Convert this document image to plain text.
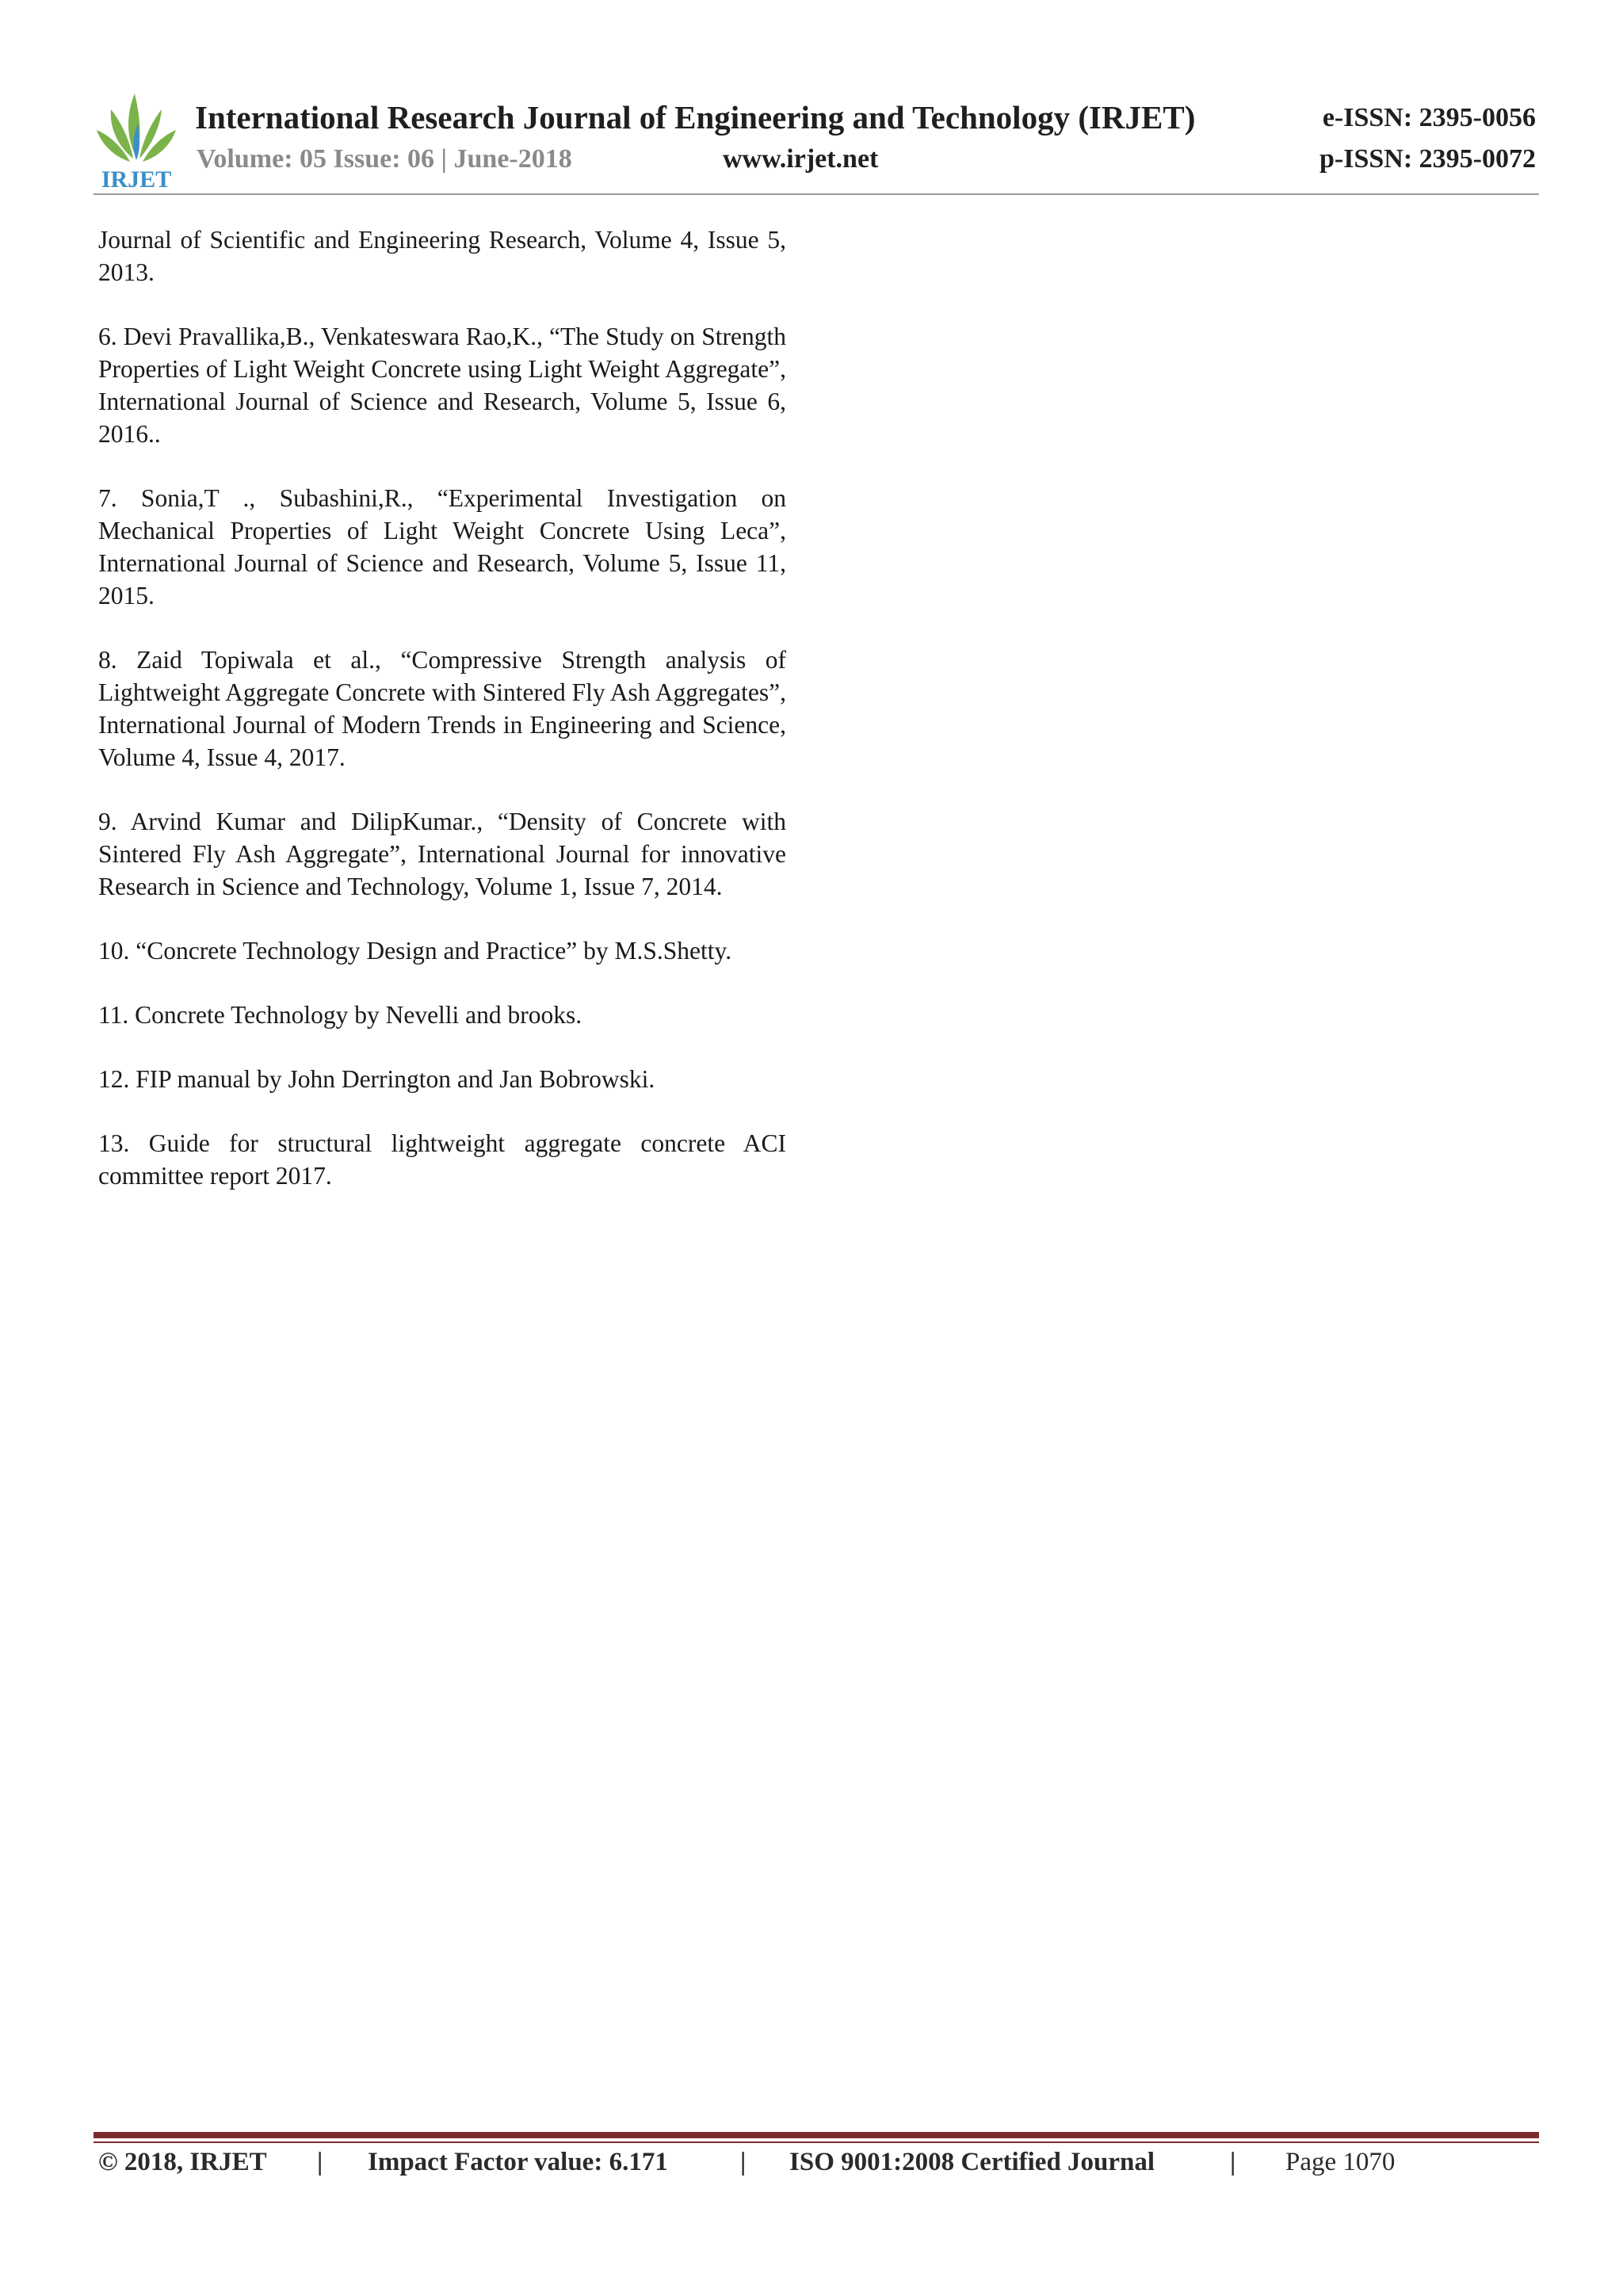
IRJET
International Research Journal of Engineering and Technology (IRJET)	e-ISSN: 2395-0056
Volume: 05 Issue: 06 | June-2018	www.irjet.net	p-ISSN: 2395-0072

Journal of Scientific and Engineering Research, Volume 4, Issue 5, 2013.

6. Devi Pravallika,B., Venkateswara Rao,K., “The Study on Strength Properties of Light Weight Concrete using Light Weight Aggregate”, International Journal of Science and Research, Volume 5, Issue 6, 2016..

7. Sonia,T ., Subashini,R., “Experimental Investigation on Mechanical Properties of Light Weight Concrete Using Leca”, International Journal of Science and Research, Volume 5, Issue 11, 2015.

8. Zaid Topiwala et al., “Compressive Strength analysis of Lightweight Aggregate Concrete with Sintered Fly Ash Aggregates”, International Journal of Modern Trends in Engineering and Science, Volume 4, Issue 4, 2017.

9. Arvind Kumar and DilipKumar., “Density of Concrete with Sintered Fly Ash Aggregate”, International Journal for innovative Research in Science and Technology, Volume 1, Issue 7, 2014.

10. “Concrete Technology Design and Practice” by M.S.Shetty.

11. Concrete Technology by Nevelli and brooks.

12. FIP manual by John Derrington and Jan Bobrowski.

13. Guide for structural lightweight aggregate concrete ACI committee report 2017.

© 2018, IRJET | Impact Factor value: 6.171	| ISO 9001:2008 Certified Journal	| Page 1070
